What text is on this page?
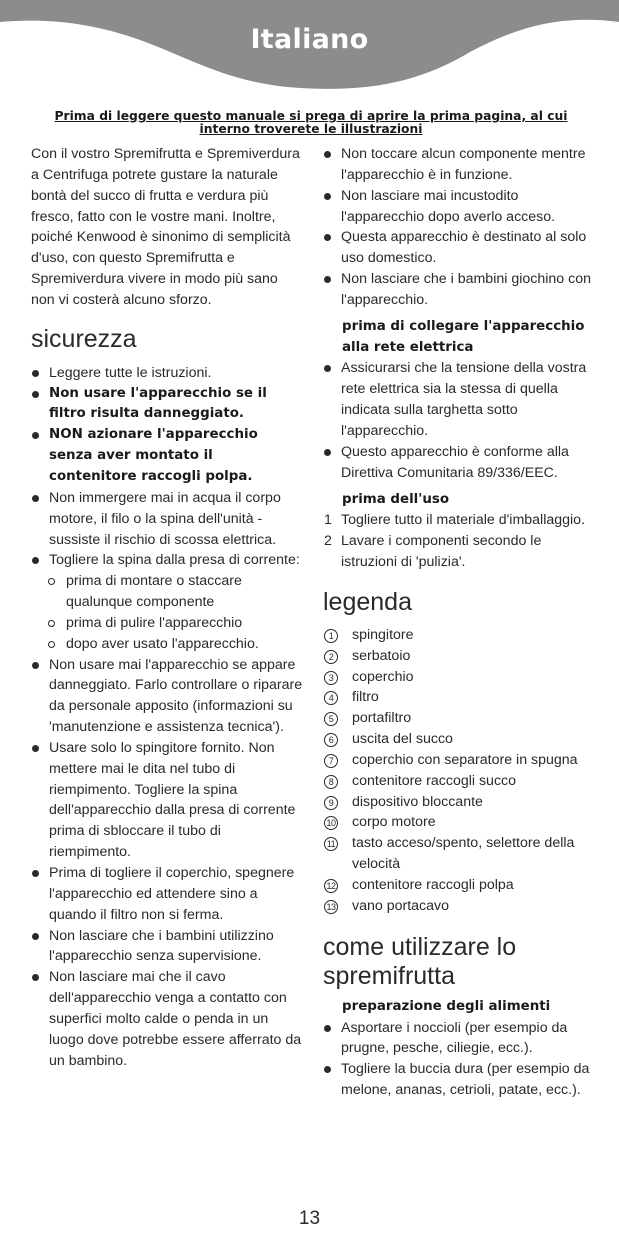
Italiano
Prima di leggere questo manuale si prega di aprire la prima pagina, al cui interno troverete le illustrazioni

Con il vostro Spremifrutta e Spremiverdura a Centrifuga potrete gustare la naturale bontà del succo di frutta e verdura più fresco, fatto con le vostre mani. Inoltre, poiché Kenwood è sinonimo di semplicità d'uso, con questo Spremifrutta e Spremiverdura vivere in modo più sano non vi costerà alcuno sforzo.

sicurezza
Leggere tutte le istruzioni.
Non usare l'apparecchio se il filtro risulta danneggiato.
NON azionare l'apparecchio senza aver montato il contenitore raccogli polpa.
Non immergere mai in acqua il corpo motore, il filo o la spina dell'unità - sussiste il rischio di scossa elettrica.
Togliere la spina dalla presa di corrente:
prima di montare o staccare qualunque componente
prima di pulire l'apparecchio
dopo aver usato l'apparecchio.
Non usare mai l'apparecchio se appare danneggiato. Farlo controllare o riparare da personale apposito (informazioni su 'manutenzione e assistenza tecnica').
Usare solo lo spingitore fornito. Non mettere mai le dita nel tubo di riempimento. Togliere la spina dell'apparecchio dalla presa di corrente prima di sbloccare il tubo di riempimento.
Prima di togliere il coperchio, spegnere l'apparecchio ed attendere sino a quando il filtro non si ferma.
Non lasciare che i bambini utilizzino l'apparecchio senza supervisione.
Non lasciare mai che il cavo dell'apparecchio venga a contatto con superfici molto calde o penda in un luogo dove potrebbe essere afferrato da un bambino.
Non toccare alcun componente mentre l'apparecchio è in funzione.
Non lasciare mai incustodito l'apparecchio dopo averlo acceso.
Questa apparecchio è destinato al solo uso domestico.
Non lasciare che i bambini giochino con l'apparecchio.
prima di collegare l'apparecchio alla rete elettrica
Assicurarsi che la tensione della vostra rete elettrica sia la stessa di quella indicata sulla targhetta sotto l'apparecchio.
Questo apparecchio è conforme alla Direttiva Comunitaria 89/336/EEC.
prima dell'uso
1 Togliere tutto il materiale d'imballaggio.
2 Lavare i componenti secondo le istruzioni di 'pulizia'.
legenda
1	spingitore
2	serbatoio
3	coperchio
4	filtro
5	portafiltro
6	uscita del succo
7	coperchio con separatore in spugna
8	contenitore raccogli succo
9	dispositivo bloccante
10 corpo motore
11 tasto acceso/spento, selettore della velocità
12 contenitore raccogli polpa
13 vano portacavo
come utilizzare lo spremifrutta
preparazione degli alimenti
Asportare i noccioli (per esempio da prugne, pesche, ciliegie, ecc.).
Togliere la buccia dura (per esempio da melone, ananas, cetrioli, patate, ecc.).
13
